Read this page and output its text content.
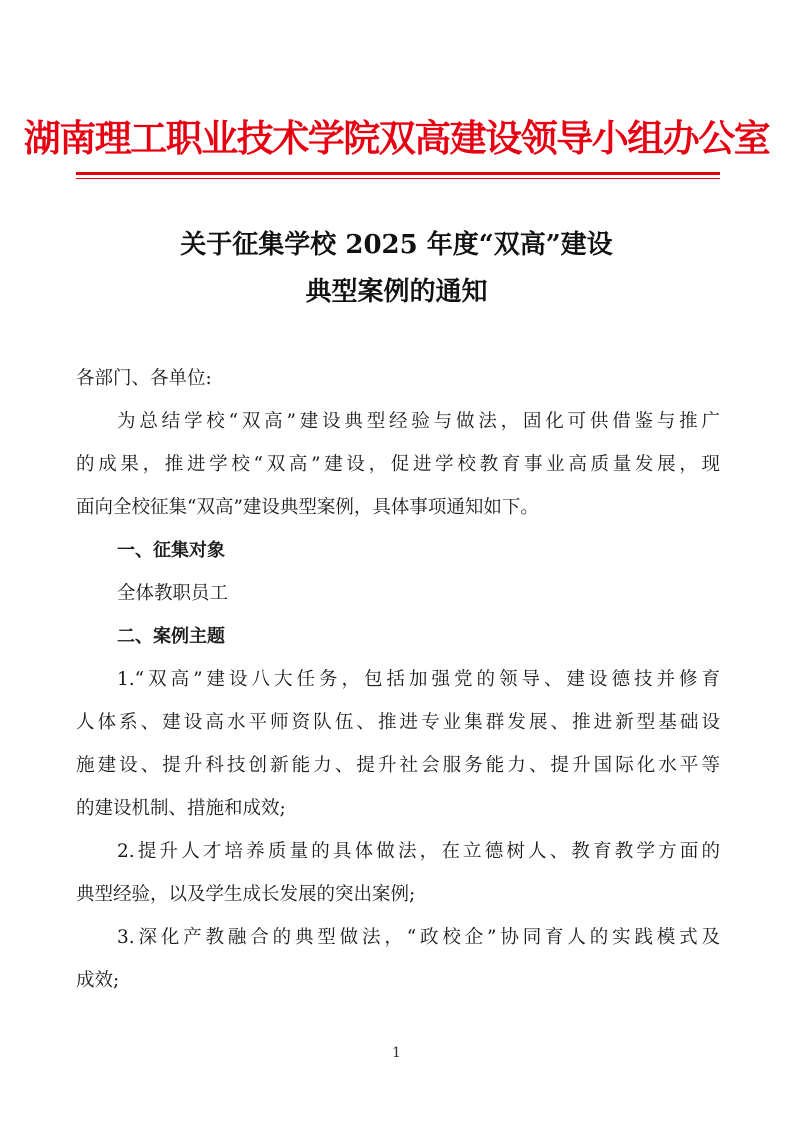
湖南理工职业技术学院双高建设领导小组办公室
关于征集学校 2025 年度“双高”建设
典型案例的通知
各部门、各单位:
为总结学校“双高”建设典型经验与做法，固化可供借鉴与推广
的成果，推进学校“双高”建设，促进学校教育事业高质量发展，现
面向全校征集“双高”建设典型案例，具体事项通知如下。
一、征集对象
全体教职员工
二、案例主题
1.“双高”建设八大任务，包括加强党的领导、建设德技并修育
人体系、建设高水平师资队伍、推进专业集群发展、推进新型基础设
施建设、提升科技创新能力、提升社会服务能力、提升国际化水平等
的建设机制、措施和成效;
2.提升人才培养质量的具体做法，在立德树人、教育教学方面的
典型经验，以及学生成长发展的突出案例;
3.深化产教融合的典型做法，“政校企”协同育人的实践模式及
成效;
1
